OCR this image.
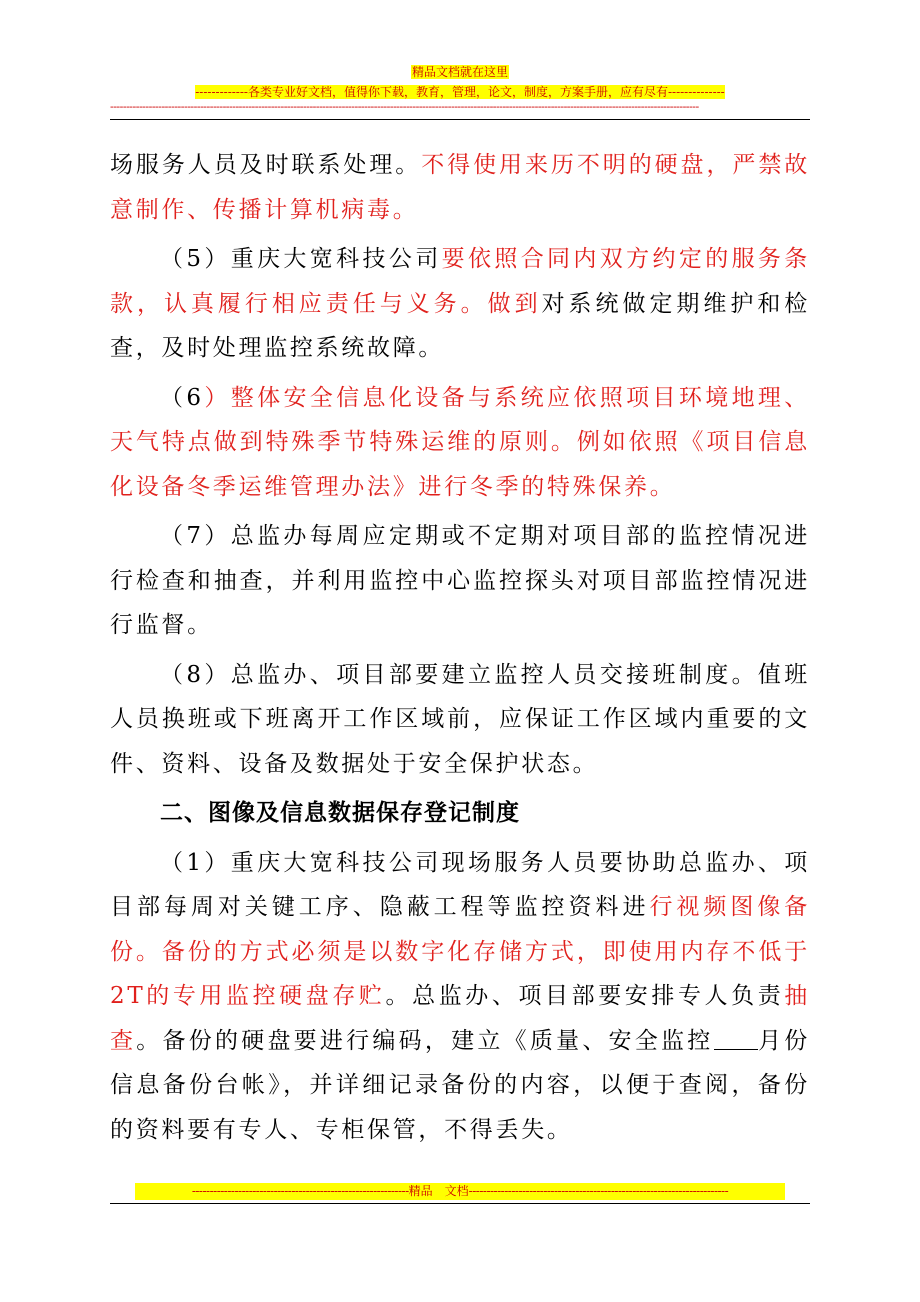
精品文档就在这里
-------------各类专业好文档，值得你下载，教育，管理，论文，制度，方案手册，应有尽有--------------
---------------------------------------------------------------------------------------------------------------------------------------------------------------------------------------

场服务人员及时联系处理。不得使用来历不明的硬盘，严禁故意制作、传播计算机病毒。

（5）重庆大宽科技公司要依照合同内双方约定的服务条款，认真履行相应责任与义务。做到对系统做定期维护和检查，及时处理监控系统故障。

（6）整体安全信息化设备与系统应依照项目环境地理、天气特点做到特殊季节特殊运维的原则。例如依照《项目信息化设备冬季运维管理办法》进行冬季的特殊保养。

（7）总监办每周应定期或不定期对项目部的监控情况进行检查和抽查，并利用监控中心监控探头对项目部监控情况进行监督。

（8）总监办、项目部要建立监控人员交接班制度。值班人员换班或下班离开工作区域前，应保证工作区域内重要的文件、资料、设备及数据处于安全保护状态。

二、图像及信息数据保存登记制度

（1）重庆大宽科技公司现场服务人员要协助总监办、项目部每周对关键工序、隐蔽工程等监控资料进行视频图像备份。备份的方式必须是以数字化存储方式，即使用内存不低于2T的专用监控硬盘存贮。总监办、项目部要安排专人负责抽查。备份的硬盘要进行编码，建立《质量、安全监控 月份信息备份台帐》，并详细记录备份的内容，以便于查阅，备份的资料要有专人、专柜保管，不得丢失。

-------------------------------------------------------------精品　文档-------------------------------------------------------------------------
